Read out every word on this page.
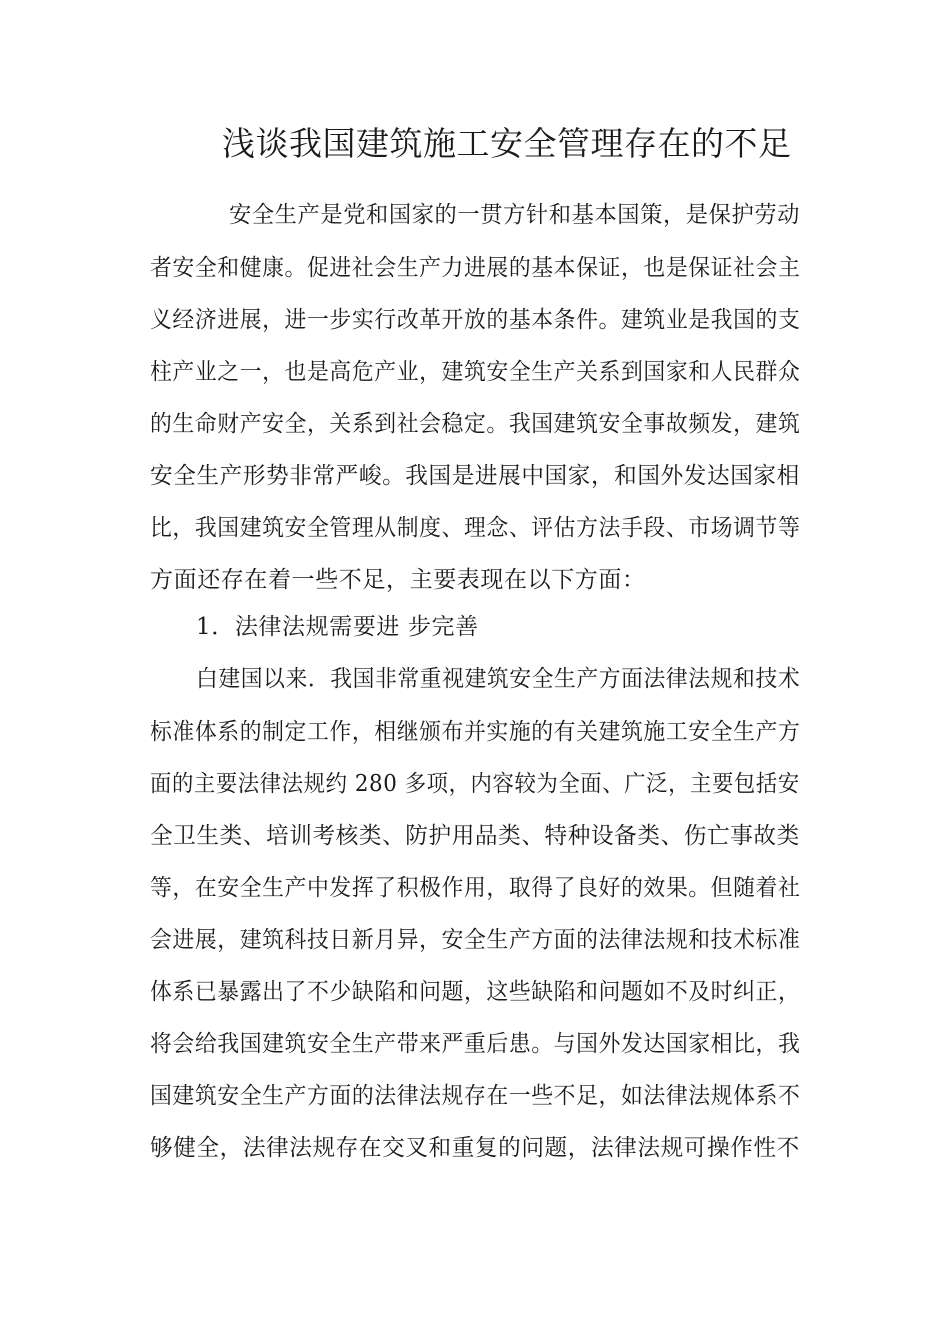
浅谈我国建筑施工安全管理存在的不足

安全生产是党和国家的一贯方针和基本国策，是保护劳动

者安全和健康。促进社会生产力进展的基本保证，也是保证社会主

义经济进展，进一步实行改革开放的基本条件。建筑业是我国的支

柱产业之一，也是高危产业，建筑安全生产关系到国家和人民群众

的生命财产安全，关系到社会稳定。我国建筑安全事故频发，建筑

安全生产形势非常严峻。我国是进展中国家，和国外发达国家相

比，我国建筑安全管理从制度、理念、评估方法手段、市场调节等

方面还存在着一些不足，主要表现在以下方面：

1．法律法规需要进 步完善

白建国以来．我国非常重视建筑安全生产方面法律法规和技术

标准体系的制定工作，相继颁布并实施的有关建筑施工安全生产方

面的主要法律法规约 280 多项，内容较为全面、广泛，主要包括安

全卫生类、培训考核类、防护用品类、特种设备类、伤亡事故类

等，在安全生产中发挥了积极作用，取得了良好的效果。但随着社

会进展，建筑科技日新月异，安全生产方面的法律法规和技术标准

体系已暴露出了不少缺陷和问题，这些缺陷和问题如不及时纠正，

将会给我国建筑安全生产带来严重后患。与国外发达国家相比，我

国建筑安全生产方面的法律法规存在一些不足，如法律法规体系不

够健全，法律法规存在交叉和重复的问题，法律法规可操作性不
